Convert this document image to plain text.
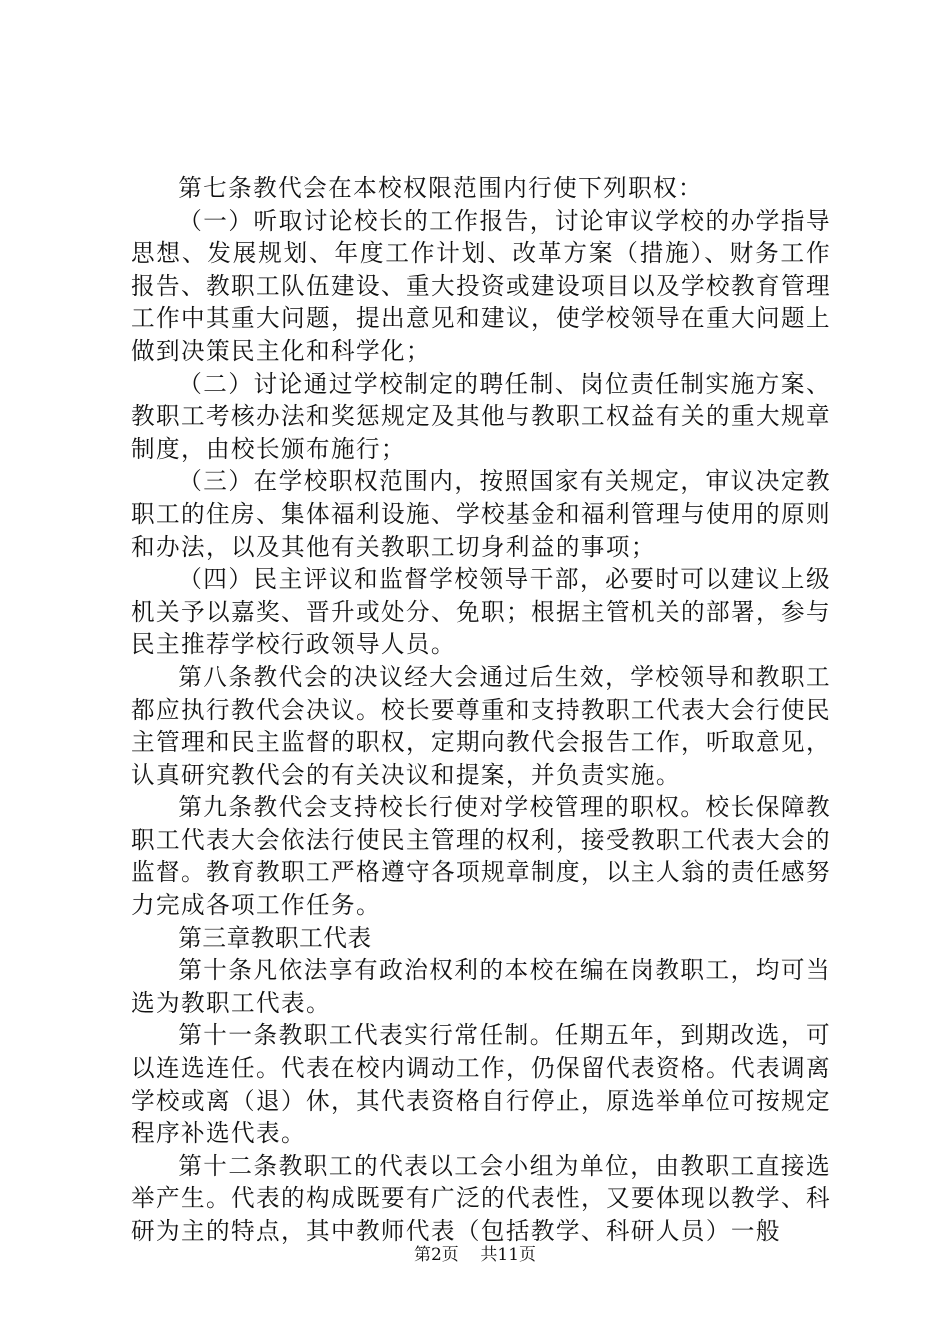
第七条教代会在本校权限范围内行使下列职权：

（一）听取讨论校长的工作报告，讨论审议学校的办学指导思想、发展规划、年度工作计划、改革方案（措施）、财务工作报告、教职工队伍建设、重大投资或建设项目以及学校教育管理工作中其重大问题，提出意见和建议，使学校领导在重大问题上做到决策民主化和科学化；

（二）讨论通过学校制定的聘任制、岗位责任制实施方案、教职工考核办法和奖惩规定及其他与教职工权益有关的重大规章制度，由校长颁布施行；

（三）在学校职权范围内，按照国家有关规定，审议决定教职工的住房、集体福利设施、学校基金和福利管理与使用的原则和办法，以及其他有关教职工切身利益的事项；

（四）民主评议和监督学校领导干部，必要时可以建议上级机关予以嘉奖、晋升或处分、免职；根据主管机关的部署，参与民主推荐学校行政领导人员。

第八条教代会的决议经大会通过后生效，学校领导和教职工都应执行教代会决议。校长要尊重和支持教职工代表大会行使民主管理和民主监督的职权，定期向教代会报告工作，听取意见，认真研究教代会的有关决议和提案，并负责实施。

第九条教代会支持校长行使对学校管理的职权。校长保障教职工代表大会依法行使民主管理的权利，接受教职工代表大会的监督。教育教职工严格遵守各项规章制度，以主人翁的责任感努力完成各项工作任务。

第三章教职工代表

第十条凡依法享有政治权利的本校在编在岗教职工，均可当选为教职工代表。

第十一条教职工代表实行常任制。任期五年，到期改选，可以连选连任。代表在校内调动工作，仍保留代表资格。代表调离学校或离（退）休，其代表资格自行停止，原选举单位可按规定程序补选代表。

第十二条教职工的代表以工会小组为单位，由教职工直接选举产生。代表的构成既要有广泛的代表性，又要体现以教学、科研为主的特点，其中教师代表（包括教学、科研人员）一般

第2页 共11页
